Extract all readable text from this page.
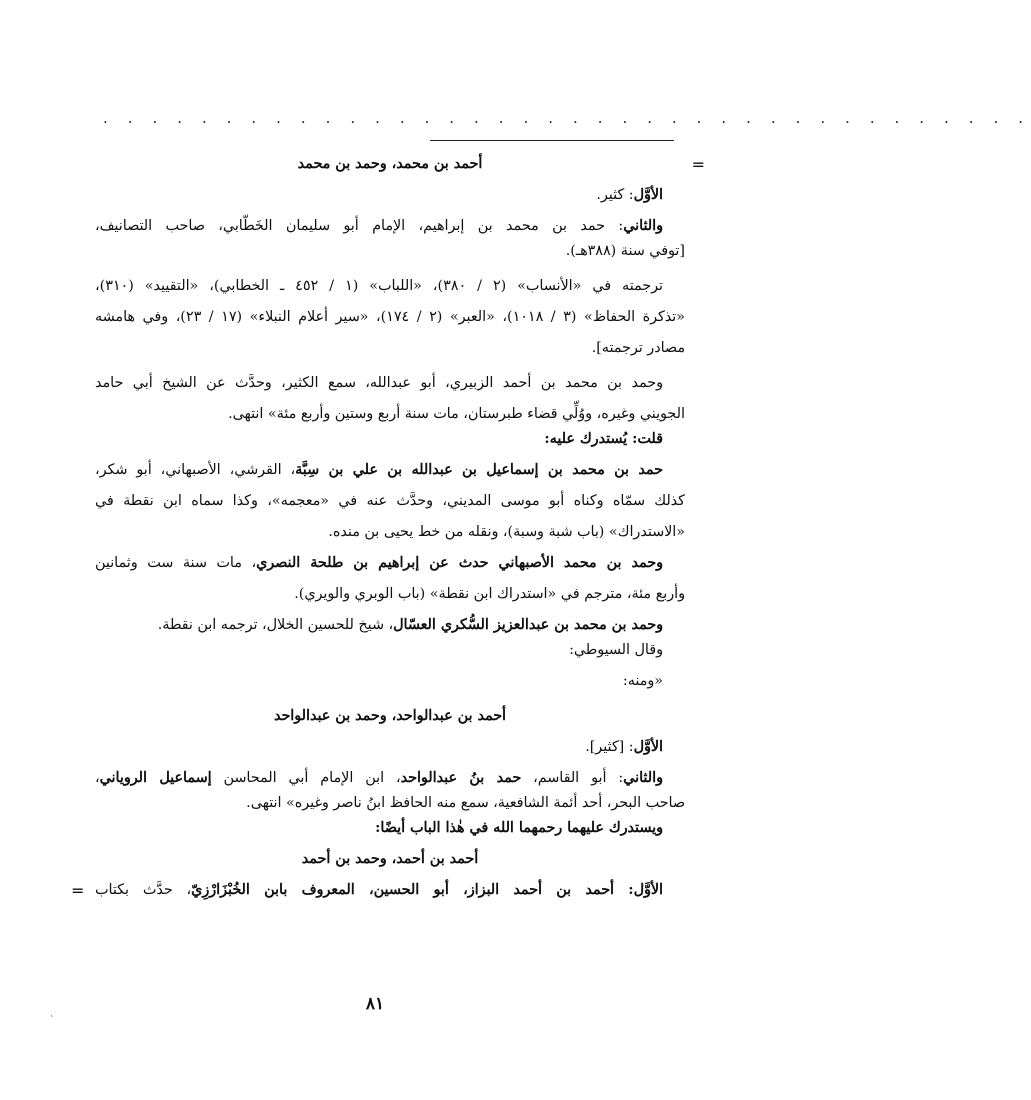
. . . . . . . . . . . . . . . . . . . . . . . . . . . . . . . . . . . . . .
`
=
أحمد بن محمد، وحمد بن محمد
الأوَّل: كثير.
والثاني: حمد بن محمد بن إبراهيم، الإمام أبو سليمان الخَطّابي، صاحب التصانيف،
[توفي سنة (٣٨٨هـ).
ترجمته في «الأنساب» (٢ / ٣٨٠)، «اللباب» (١ / ٤٥٢ ـ الخطابي)، «التقييد» (٣١٠)،
«تذكرة الحفاظ» (٣ / ١٠١٨)، «العبر» (٢ / ١٧٤)، «سير أعلام النبلاء» (١٧ / ٢٣)، وفي هامشه
مصادر ترجمته].
وحمد بن محمد بن أحمد الزبيري، أبو عبدالله، سمع الكثير، وحدَّث عن الشيخ أبي حامد
الجويني وغيره، ووُلِّي قضاء طبرستان، مات سنة أربع وستين وأربع مئة» انتهى.
قلت: يُستدرك عليه:
حمد بن محمد بن إسماعيل بن عبدالله بن علي بن سِبَّة، القرشي، الأصبهاني، أبو شكر،
كذلك سمّاه وكناه أبو موسى المديني، وحدَّث عنه في «معجمه»، وكذا سماه ابن نقطة في
«الاستدراك» (باب شبة وسبة)، ونقله من خط يحيى بن منده.
وحمد بن محمد الأصبهاني حدث عن إبراهيم بن طلحة النصري، مات سنة ست وثمانين
وأربع مئة، مترجم في «استدراك ابن نقطة» (باب الوبري والويري).
وحمد بن محمد بن عبدالعزيز السُّكري العسّال، شيخ للحسين الخلال، ترجمه ابن نقطة.
وقال السيوطي:
«ومنه:
أحمد بن عبدالواحد، وحمد بن عبدالواحد
الأوَّل: [كثير].
والثاني: أبو القاسم، حمد بنُ عبدالواحد، ابن الإمام أبي المحاسن إسماعيل الروياني،
صاحب البحر، أحد أئمة الشافعية، سمع منه الحافظ ابنُ ناصر وغيره» انتهى.
ويستدرك عليهما رحمهما الله في هٰذا الباب أيضًا:
أحمد بن أحمد، وحمد بن أحمد
=	الأوَّل: أحمد بن أحمد البزاز، أبو الحسين، المعروف بابن الخُبْزَارْزِيّ، حدَّث بكتاب
٨١
